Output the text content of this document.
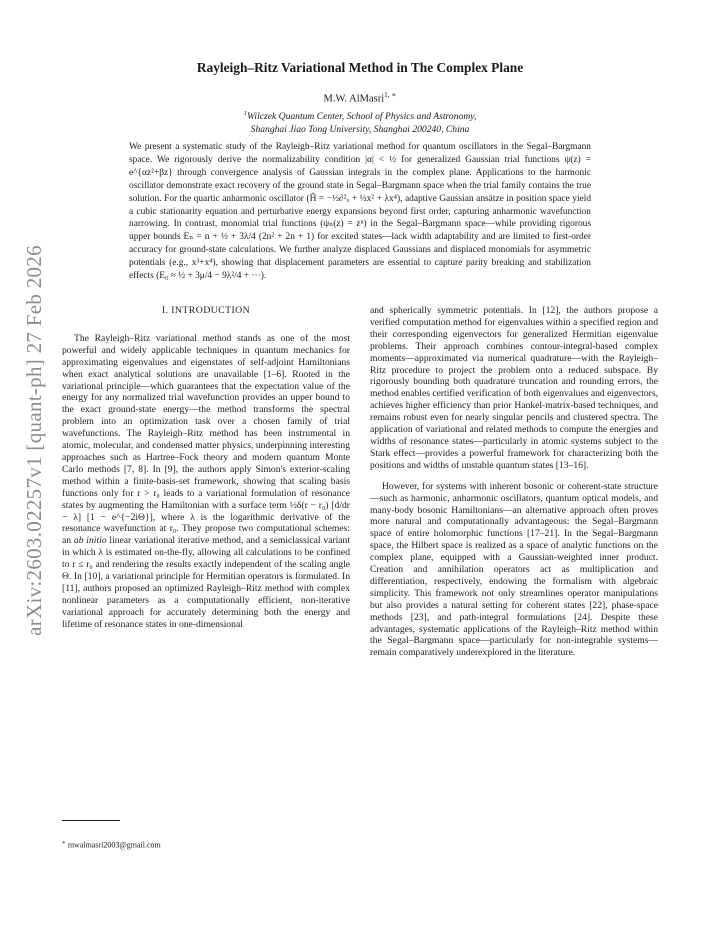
arXiv:2603.02257v1 [quant-ph] 27 Feb 2026
Rayleigh–Ritz Variational Method in The Complex Plane
M.W. AlMasri$^{1, ∗}$
$^1$Wilczek Quantum Center, School of Physics and Astronomy,
Shanghai Jiao Tong University, Shanghai 200240, China

We present a systematic study of the Rayleigh–Ritz variational method for quantum oscillators in the Segal–Bargmann space. We rigorously derive the normalizability condition |α| < ½ for generalized Gaussian trial functions ψ(z) = e^{αz²+βz} through convergence analysis of Gaussian integrals in the complex plane. Applications to the harmonic oscillator demonstrate exact recovery of the ground state in Segal–Bargmann space when the trial family contains the true solution. For the quartic anharmonic oscillator (Ĥ = −½∂²ₓ + ½x² + λx⁴), adaptive Gaussian ansätze in position space yield a cubic stationarity equation and perturbative energy expansions beyond first order, capturing anharmonic wavefunction narrowing. In contrast, monomial trial functions (ψₙ(z) = zⁿ) in the Segal–Bargmann space—while providing rigorous upper bounds Eₙ = n + ½ + 3λ/4 (2n² + 2n + 1) for excited states—lack width adaptability and are limited to first-order accuracy for ground-state calculations. We further analyze displaced Gaussians and displaced monomials for asymmetric potentials (e.g., x³+x⁴), showing that displacement parameters are essential to capture parity breaking and stabilization effects (E₀ ≈ ½ + 3μ/4 − 9λ²/4 + ···).

I. INTRODUCTION

The Rayleigh–Ritz variational method stands as one of the most powerful and widely applicable techniques in quantum mechanics for approximating eigenvalues and eigenstates of self-adjoint Hamiltonians when exact analytical solutions are unavailable [1–6]. Rooted in the variational principle—which guarantees that the expectation value of the energy for any normalized trial wavefunction provides an upper bound to the exact ground-state energy—the method transforms the spectral problem into an optimization task over a chosen family of trial wavefunctions. The Rayleigh–Ritz method has been instrumental in atomic, molecular, and condensed matter physics, underpinning interesting approaches such as Hartree–Fock theory and modern quantum Monte Carlo methods [7, 8]. In [9], the authors apply Simon's exterior-scaling method within a finite-basis-set framework, showing that scaling basis functions only for r > r₀ leads to a variational formulation of resonance states by augmenting the Hamiltonian with a surface term ½δ(r − r₀) [d/dr − λ] [1 − e^{−2iΘ}], where λ is the logarithmic derivative of the resonance wavefunction at r₀. They propose two computational schemes: an ab initio linear variational iterative method, and a semiclassical variant in which λ is estimated on-the-fly, allowing all calculations to be confined to r ≤ r₀ and rendering the results exactly independent of the scaling angle Θ. In [10], a variational principle for Hermitian operators is formulated. In [11], authors proposed an optimized Rayleigh–Ritz method with complex nonlinear parameters as a computationally efficient, non-iterative variational approach for accurately determining both the energy and lifetime of resonance states in one-dimensional

and spherically symmetric potentials. In [12], the authors propose a verified computation method for eigenvalues within a specified region and their corresponding eigenvectors for generalized Hermitian eigenvalue problems. Their approach combines contour-integral-based complex moments—approximated via numerical quadrature—with the Rayleigh–Ritz procedure to project the problem onto a reduced subspace. By rigorously bounding both quadrature truncation and rounding errors, the method enables certified verification of both eigenvalues and eigenvectors, achieves higher efficiency than prior Hankel-matrix-based techniques, and remains robust even for nearly singular pencils and clustered spectra. The application of variational and related methods to compute the energies and widths of resonance states—particularly in atomic systems subject to the Stark effect—provides a powerful framework for characterizing both the positions and widths of unstable quantum states [13–16].

However, for systems with inherent bosonic or coherent-state structure—such as harmonic, anharmonic oscillators, quantum optical models, and many-body bosonic Hamiltonians—an alternative approach often proves more natural and computationally advantageous: the Segal–Bargmann space of entire holomorphic functions [17–21]. In the Segal–Bargmann space, the Hilbert space is realized as a space of analytic functions on the complex plane, equipped with a Gaussian-weighted inner product. Creation and annihilation operators act as multiplication and differentiation, respectively, endowing the formalism with algebraic simplicity. This framework not only streamlines operator manipulations but also provides a natural setting for coherent states [22], phase-space methods [23], and path-integral formulations [24]. Despite these advantages, systematic applications of the Rayleigh–Ritz method within the Segal–Bargmann space—particularly for non-integrable systems—remain comparatively underexplored in the literature.

∗ mwalmasri2003@gmail.com
